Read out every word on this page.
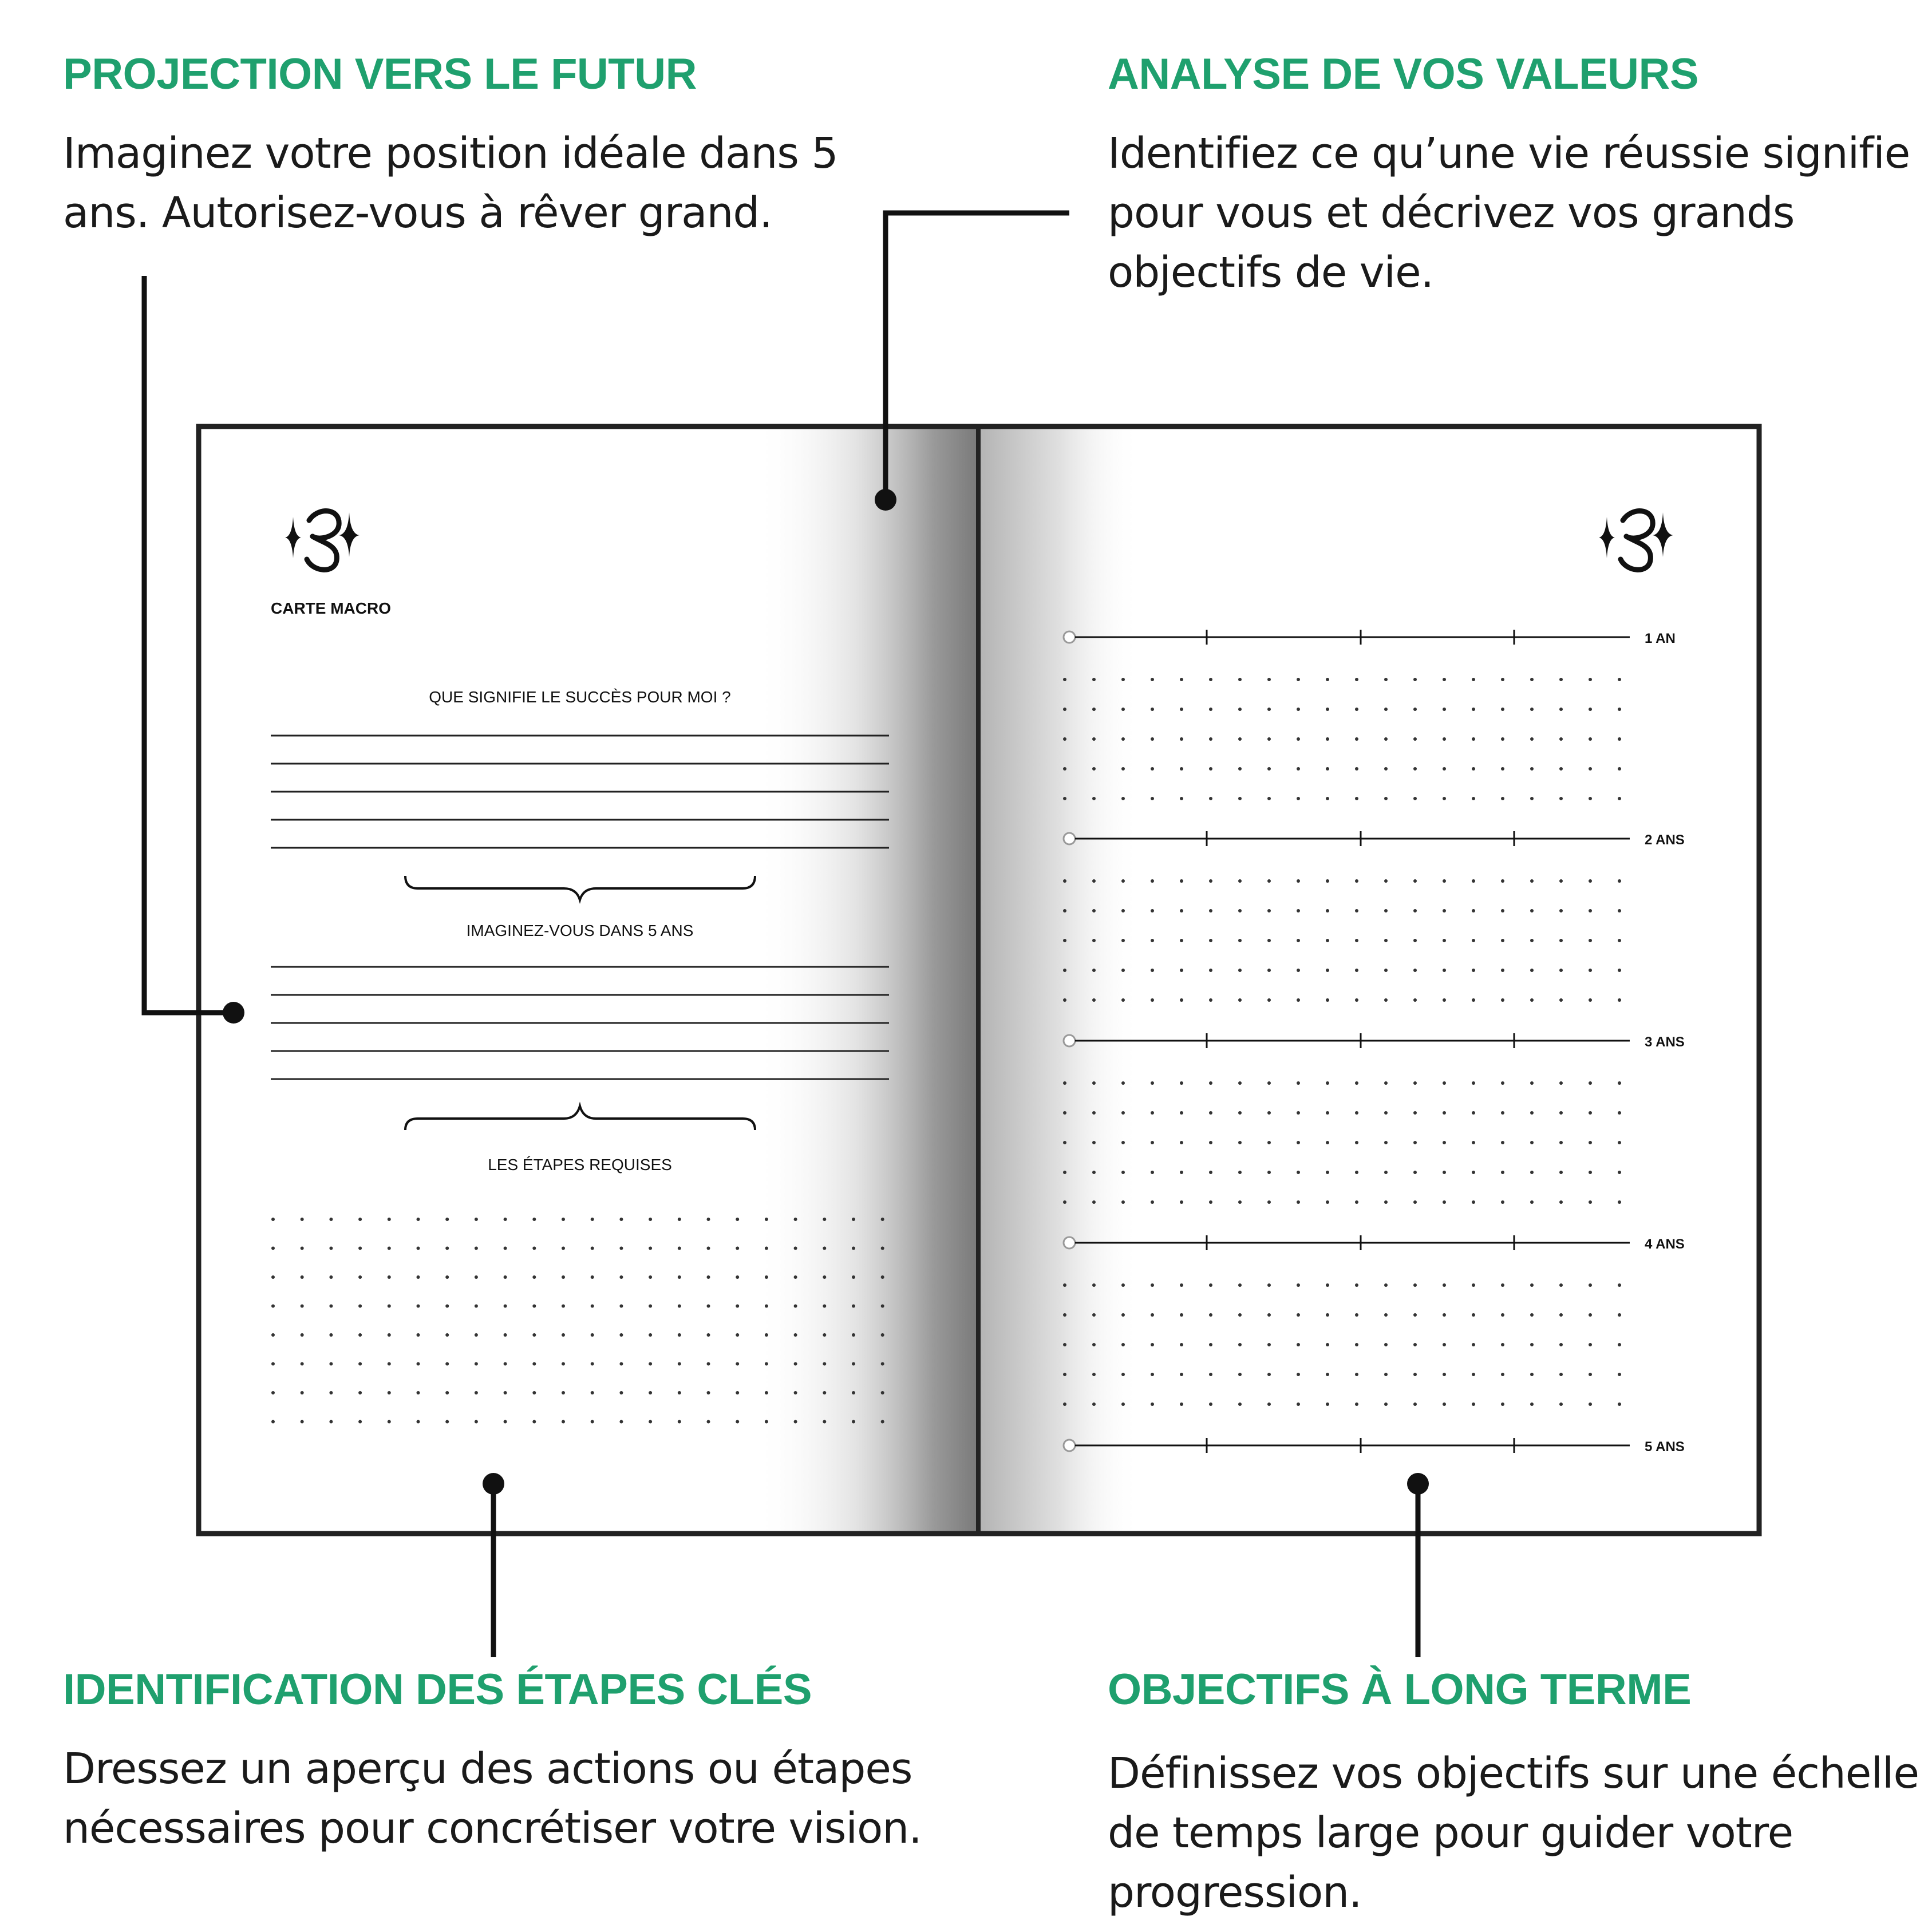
PROJECTION VERS LE FUTUR

Imaginez votre position idéale dans 5 ans. Autorisez-vous à rêver grand.

ANALYSE DE VOS VALEURS

Identifiez ce qu’une vie réussie signifie pour vous et décrivez vos grands objectifs de vie.

IDENTIFICATION DES ÉTAPES CLÉS

Dressez un aperçu des actions ou étapes nécessaires pour concrétiser votre vision.

OBJECTIFS À LONG TERME

Définissez vos objectifs sur une échelle de temps large pour guider votre progression.

CARTE MACRO
QUE SIGNIFIE LE SUCCÈS POUR MOI ?
IMAGINEZ-VOUS DANS 5 ANS
LES ÉTAPES REQUISES
1 AN
2 ANS
3 ANS
4 ANS
5 ANS
